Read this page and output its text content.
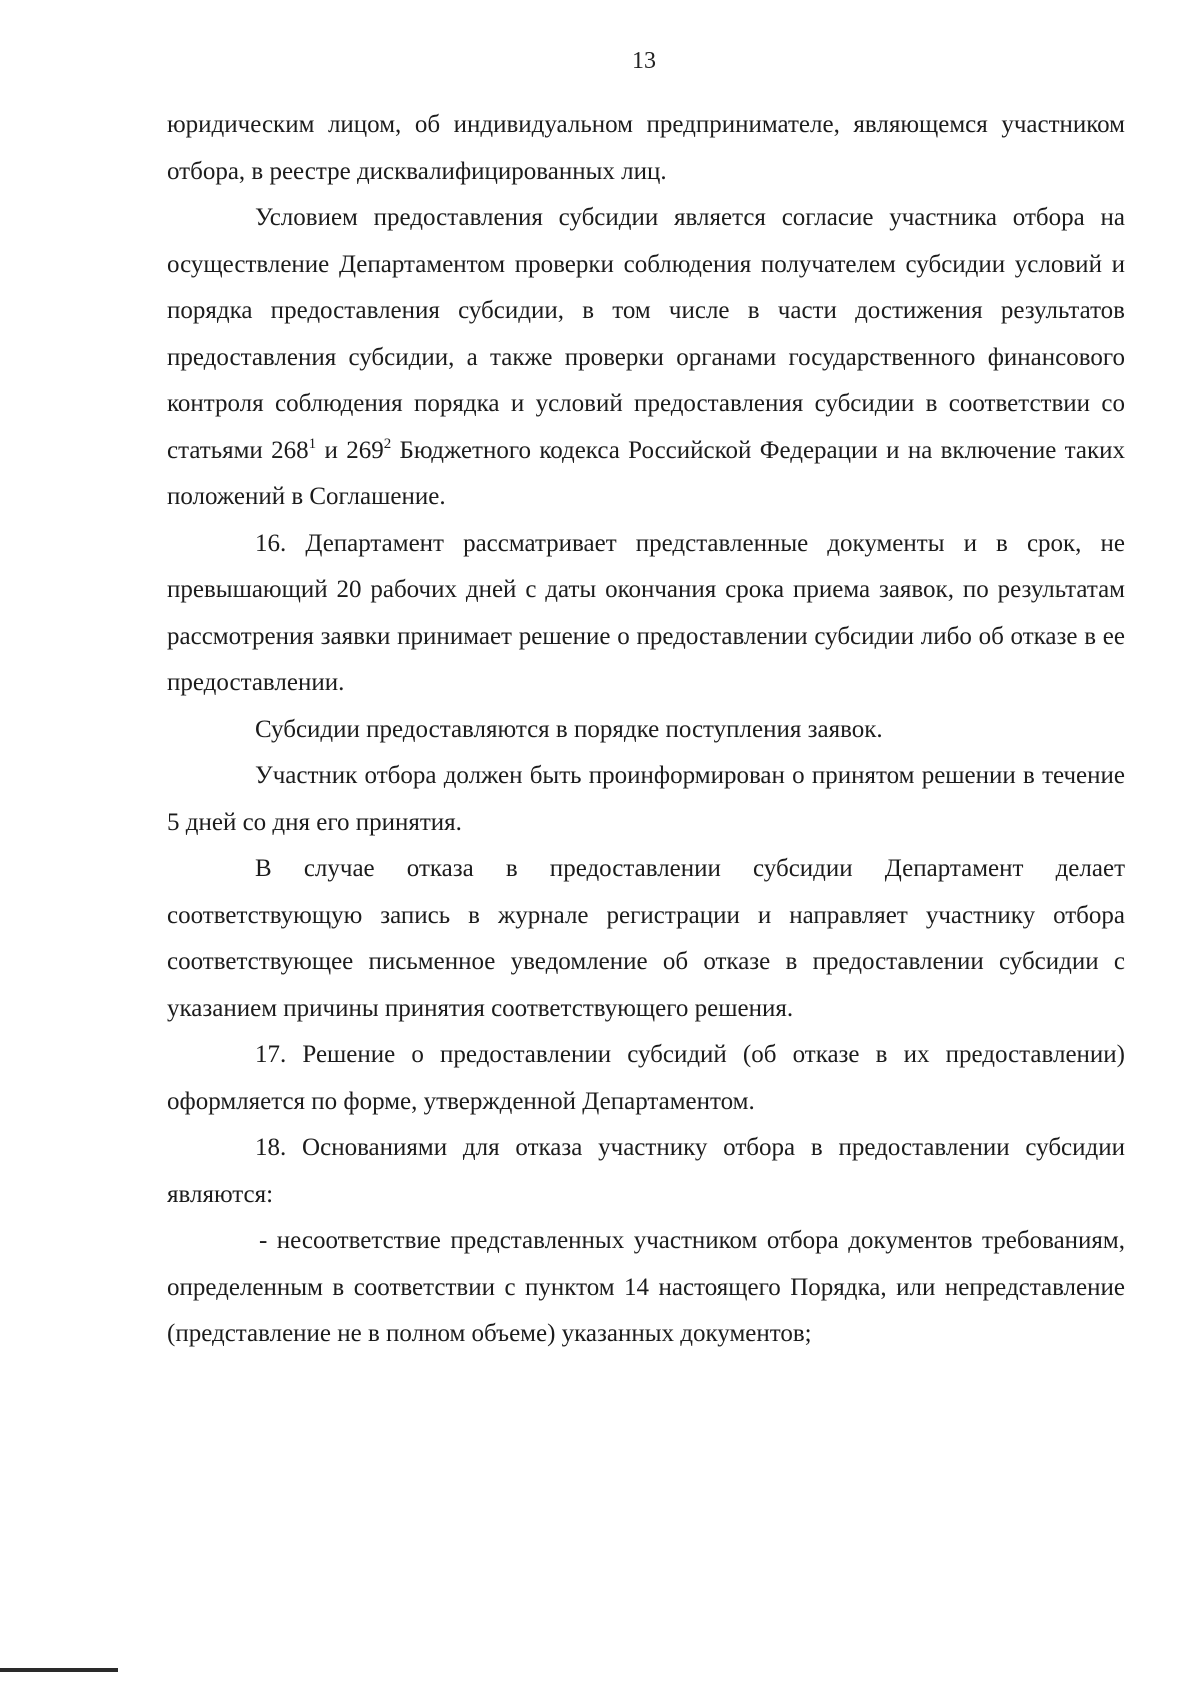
13

юридическим лицом, об индивидуальном предпринимателе, являющемся участником отбора, в реестре дисквалифицированных лиц.

Условием предоставления субсидии является согласие участника отбора на осуществление Департаментом проверки соблюдения получателем субсидии условий и порядка предоставления субсидии, в том числе в части достижения результатов предоставления субсидии, а также проверки органами государственного финансового контроля соблюдения порядка и условий предоставления субсидии в соответствии со статьями $268^1$ и $269^2$ Бюджетного кодекса Российской Федерации и на включение таких положений в Соглашение.

16. Департамент рассматривает представленные документы и в срок, не превышающий 20 рабочих дней с даты окончания срока приема заявок, по результатам рассмотрения заявки принимает решение о предоставлении субсидии либо об отказе в ее предоставлении.

Субсидии предоставляются в порядке поступления заявок.

Участник отбора должен быть проинформирован о принятом решении в течение 5 дней со дня его принятия.

В случае отказа в предоставлении субсидии Департамент делает соответствующую запись в журнале регистрации и направляет участнику отбора соответствующее письменное уведомление об отказе в предоставлении субсидии с указанием причины принятия соответствующего решения.

17. Решение о предоставлении субсидий (об отказе в их предоставлении) оформляется по форме, утвержденной Департаментом.

18. Основаниями для отказа участнику отбора в предоставлении субсидии являются:

- несоответствие представленных участником отбора документов требованиям, определенным в соответствии с пунктом 14 настоящего Порядка, или непредставление (представление не в полном объеме) указанных документов;
